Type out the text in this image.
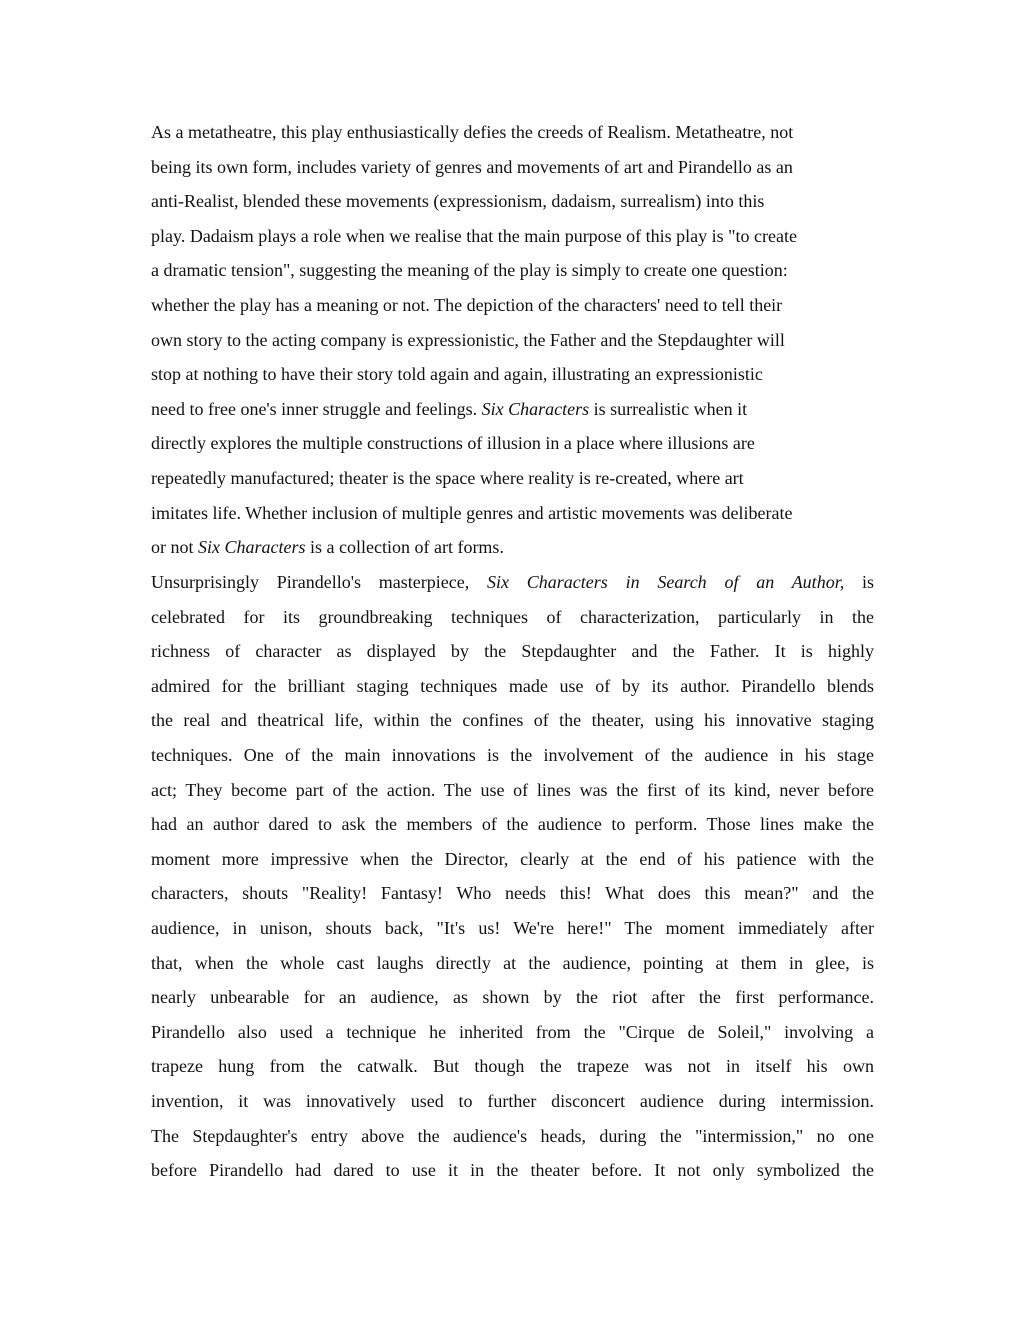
As a metatheatre, this play enthusiastically defies the creeds of Realism. Metatheatre, not
being its own form, includes variety of genres and movements of art and Pirandello as an
anti-Realist, blended these movements (expressionism, dadaism, surrealism) into this
play. Dadaism plays a role when we realise that the main purpose of this play is "to create
a dramatic tension", suggesting the meaning of the play is simply to create one question:
whether the play has a meaning or not. The depiction of the characters' need to tell their
own story to the acting company is expressionistic, the Father and the Stepdaughter will
stop at nothing to have their story told again and again, illustrating an expressionistic
need to free one's inner struggle and feelings. Six Characters is surrealistic when it
directly explores the multiple constructions of illusion in a place where illusions are
repeatedly manufactured; theater is the space where reality is re-created, where art
imitates life. Whether inclusion of multiple genres and artistic movements was deliberate
or not Six Characters is a collection of art forms.
Unsurprisingly Pirandello's masterpiece, Six Characters in Search of an Author, is
celebrated for its groundbreaking techniques of characterization, particularly in the
richness of character as displayed by the Stepdaughter and the Father. It is highly
admired for the brilliant staging techniques made use of by its author. Pirandello blends
the real and theatrical life, within the confines of the theater, using his innovative staging
techniques. One of the main innovations is the involvement of the audience in his stage
act; They become part of the action. The use of lines was the first of its kind, never before
had an author dared to ask the members of the audience to perform. Those lines make the
moment more impressive when the Director, clearly at the end of his patience with the
characters, shouts "Reality! Fantasy! Who needs this! What does this mean?" and the
audience, in unison, shouts back, "It's us! We're here!" The moment immediately after
that, when the whole cast laughs directly at the audience, pointing at them in glee, is
nearly unbearable for an audience, as shown by the riot after the first performance.
Pirandello also used a technique he inherited from the "Cirque de Soleil," involving a
trapeze hung from the catwalk. But though the trapeze was not in itself his own
invention, it was innovatively used to further disconcert audience during intermission.
The Stepdaughter's entry above the audience's heads, during the "intermission," no one
before Pirandello had dared to use it in the theater before. It not only symbolized the
